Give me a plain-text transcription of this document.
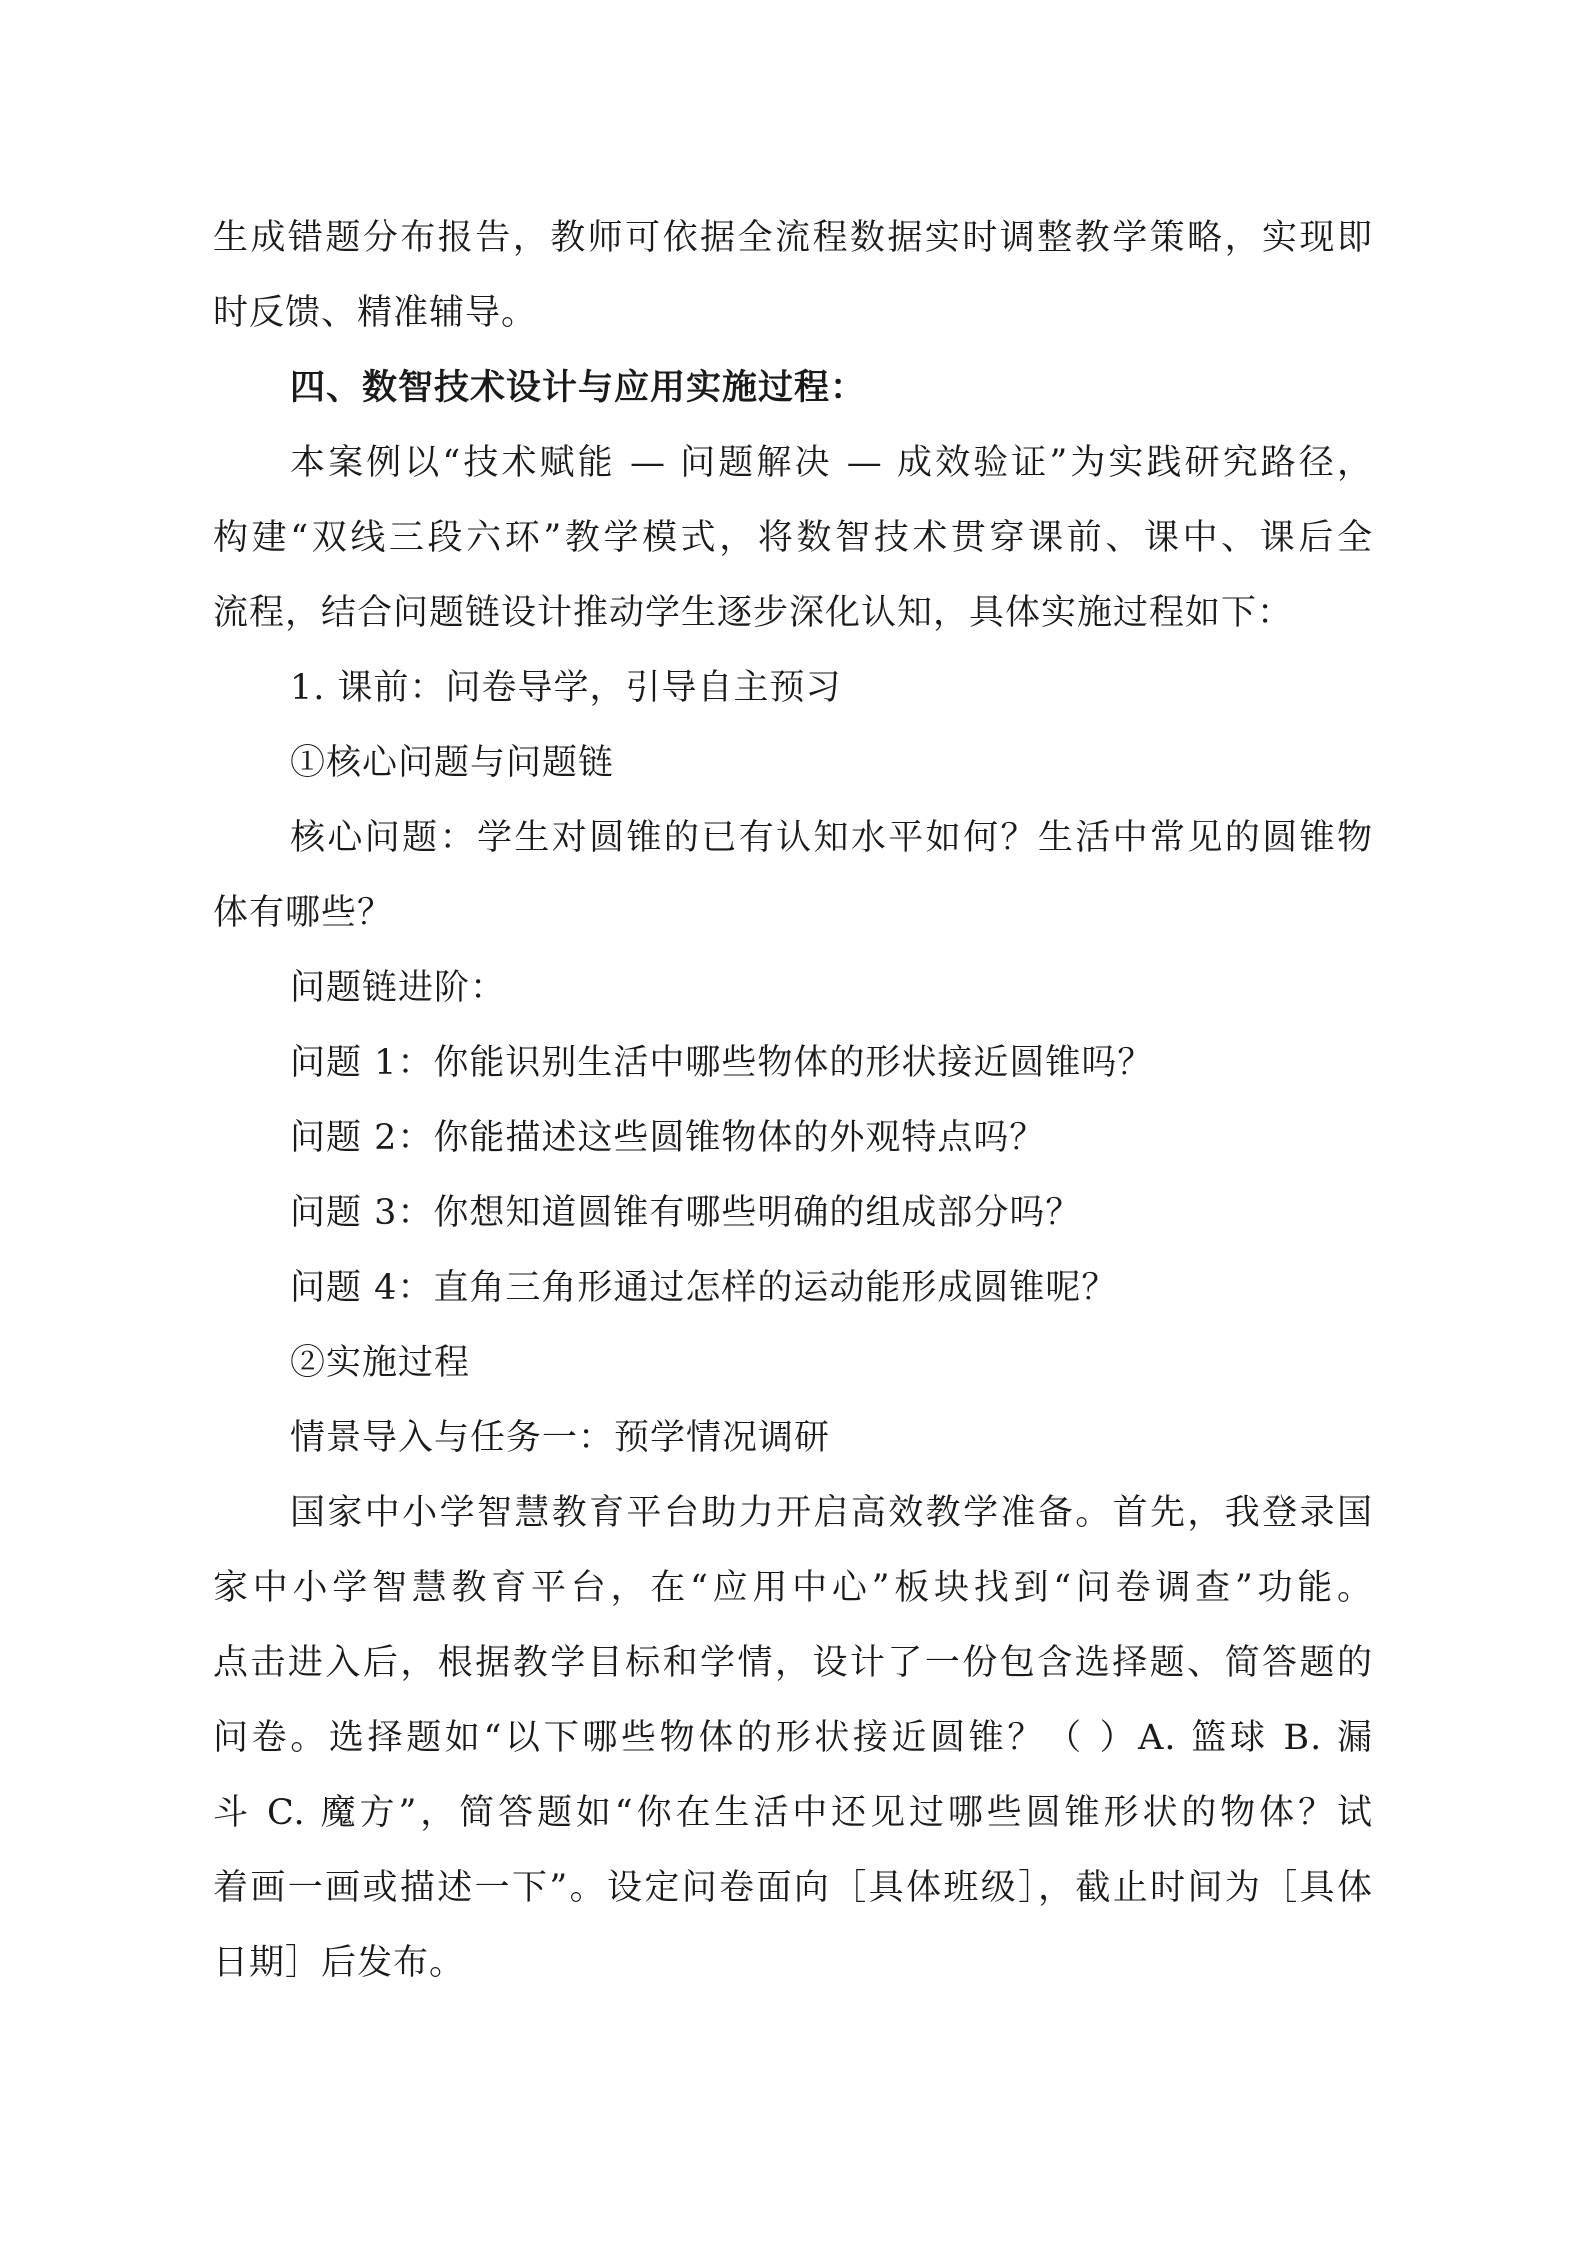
生成错题分布报告，教师可依据全流程数据实时调整教学策略，实现即
时反馈、精准辅导。
四、数智技术设计与应用实施过程：
本案例以“技术赋能 — 问题解决 — 成效验证”为实践研究路径，
构建“双线三段六环”教学模式，将数智技术贯穿课前、课中、课后全
流程，结合问题链设计推动学生逐步深化认知，具体实施过程如下：
1. 课前：问卷导学，引导自主预习
①核心问题与问题链
核心问题：学生对圆锥的已有认知水平如何？生活中常见的圆锥物
体有哪些？
问题链进阶：
问题 1：你能识别生活中哪些物体的形状接近圆锥吗？
问题 2：你能描述这些圆锥物体的外观特点吗？
问题 3：你想知道圆锥有哪些明确的组成部分吗？
问题 4：直角三角形通过怎样的运动能形成圆锥呢？
②实施过程
情景导入与任务一：预学情况调研
国家中小学智慧教育平台助力开启高效教学准备。首先，我登录国
家中小学智慧教育平台，在“应用中心”板块找到“问卷调查”功能。
点击进入后，根据教学目标和学情，设计了一份包含选择题、简答题的
问卷。选择题如“以下哪些物体的形状接近圆锥？（ ）A. 篮球 B. 漏
斗 C. 魔方”，简答题如“你在生活中还见过哪些圆锥形状的物体？试
着画一画或描述一下”。设定问卷面向［具体班级］，截止时间为［具体
日期］后发布。
